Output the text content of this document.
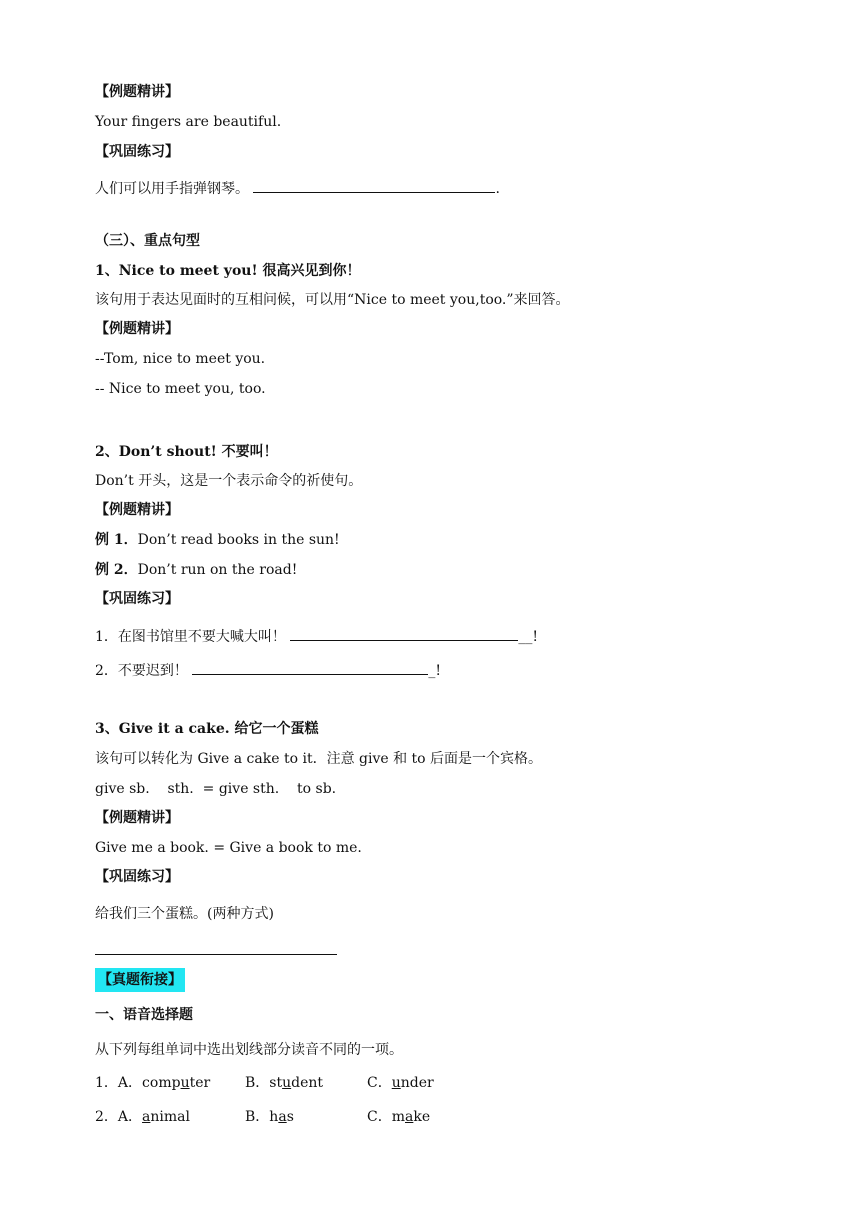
【例题精讲】
Your fingers are beautiful.
【巩固练习】
人们可以用手指弹钢琴。	.
（三）、重点句型
1、Nice to meet you! 很高兴见到你！
该句用于表达见面时的互相问候，可以用“Nice to meet you,too.”来回答。
【例题精讲】
--Tom, nice to meet you.
-- Nice to meet you, too.
2、Don’t shout! 不要叫！
Don’t 开头，这是一个表示命令的祈使句。
【例题精讲】
例 1．Don’t read books in the sun!
例 2．Don’t run on the road!
【巩固练习】
1．在图书馆里不要大喊大叫！	__!
2．不要迟到！	_!
3、Give it a cake. 给它一个蛋糕
该句可以转化为 Give a cake to it．注意 give 和 to 后面是一个宾格。
give sb.    sth.  = give sth.    to sb.
【例题精讲】
Give me a book. = Give a book to me.
【巩固练习】
给我们三个蛋糕。(两种方式)
【真题衔接】
一、语音选择题
从下列每组单词中选出划线部分读音不同的一项。
1．A．computer B．student	C．under
2．A．animal	B．has	C．make
